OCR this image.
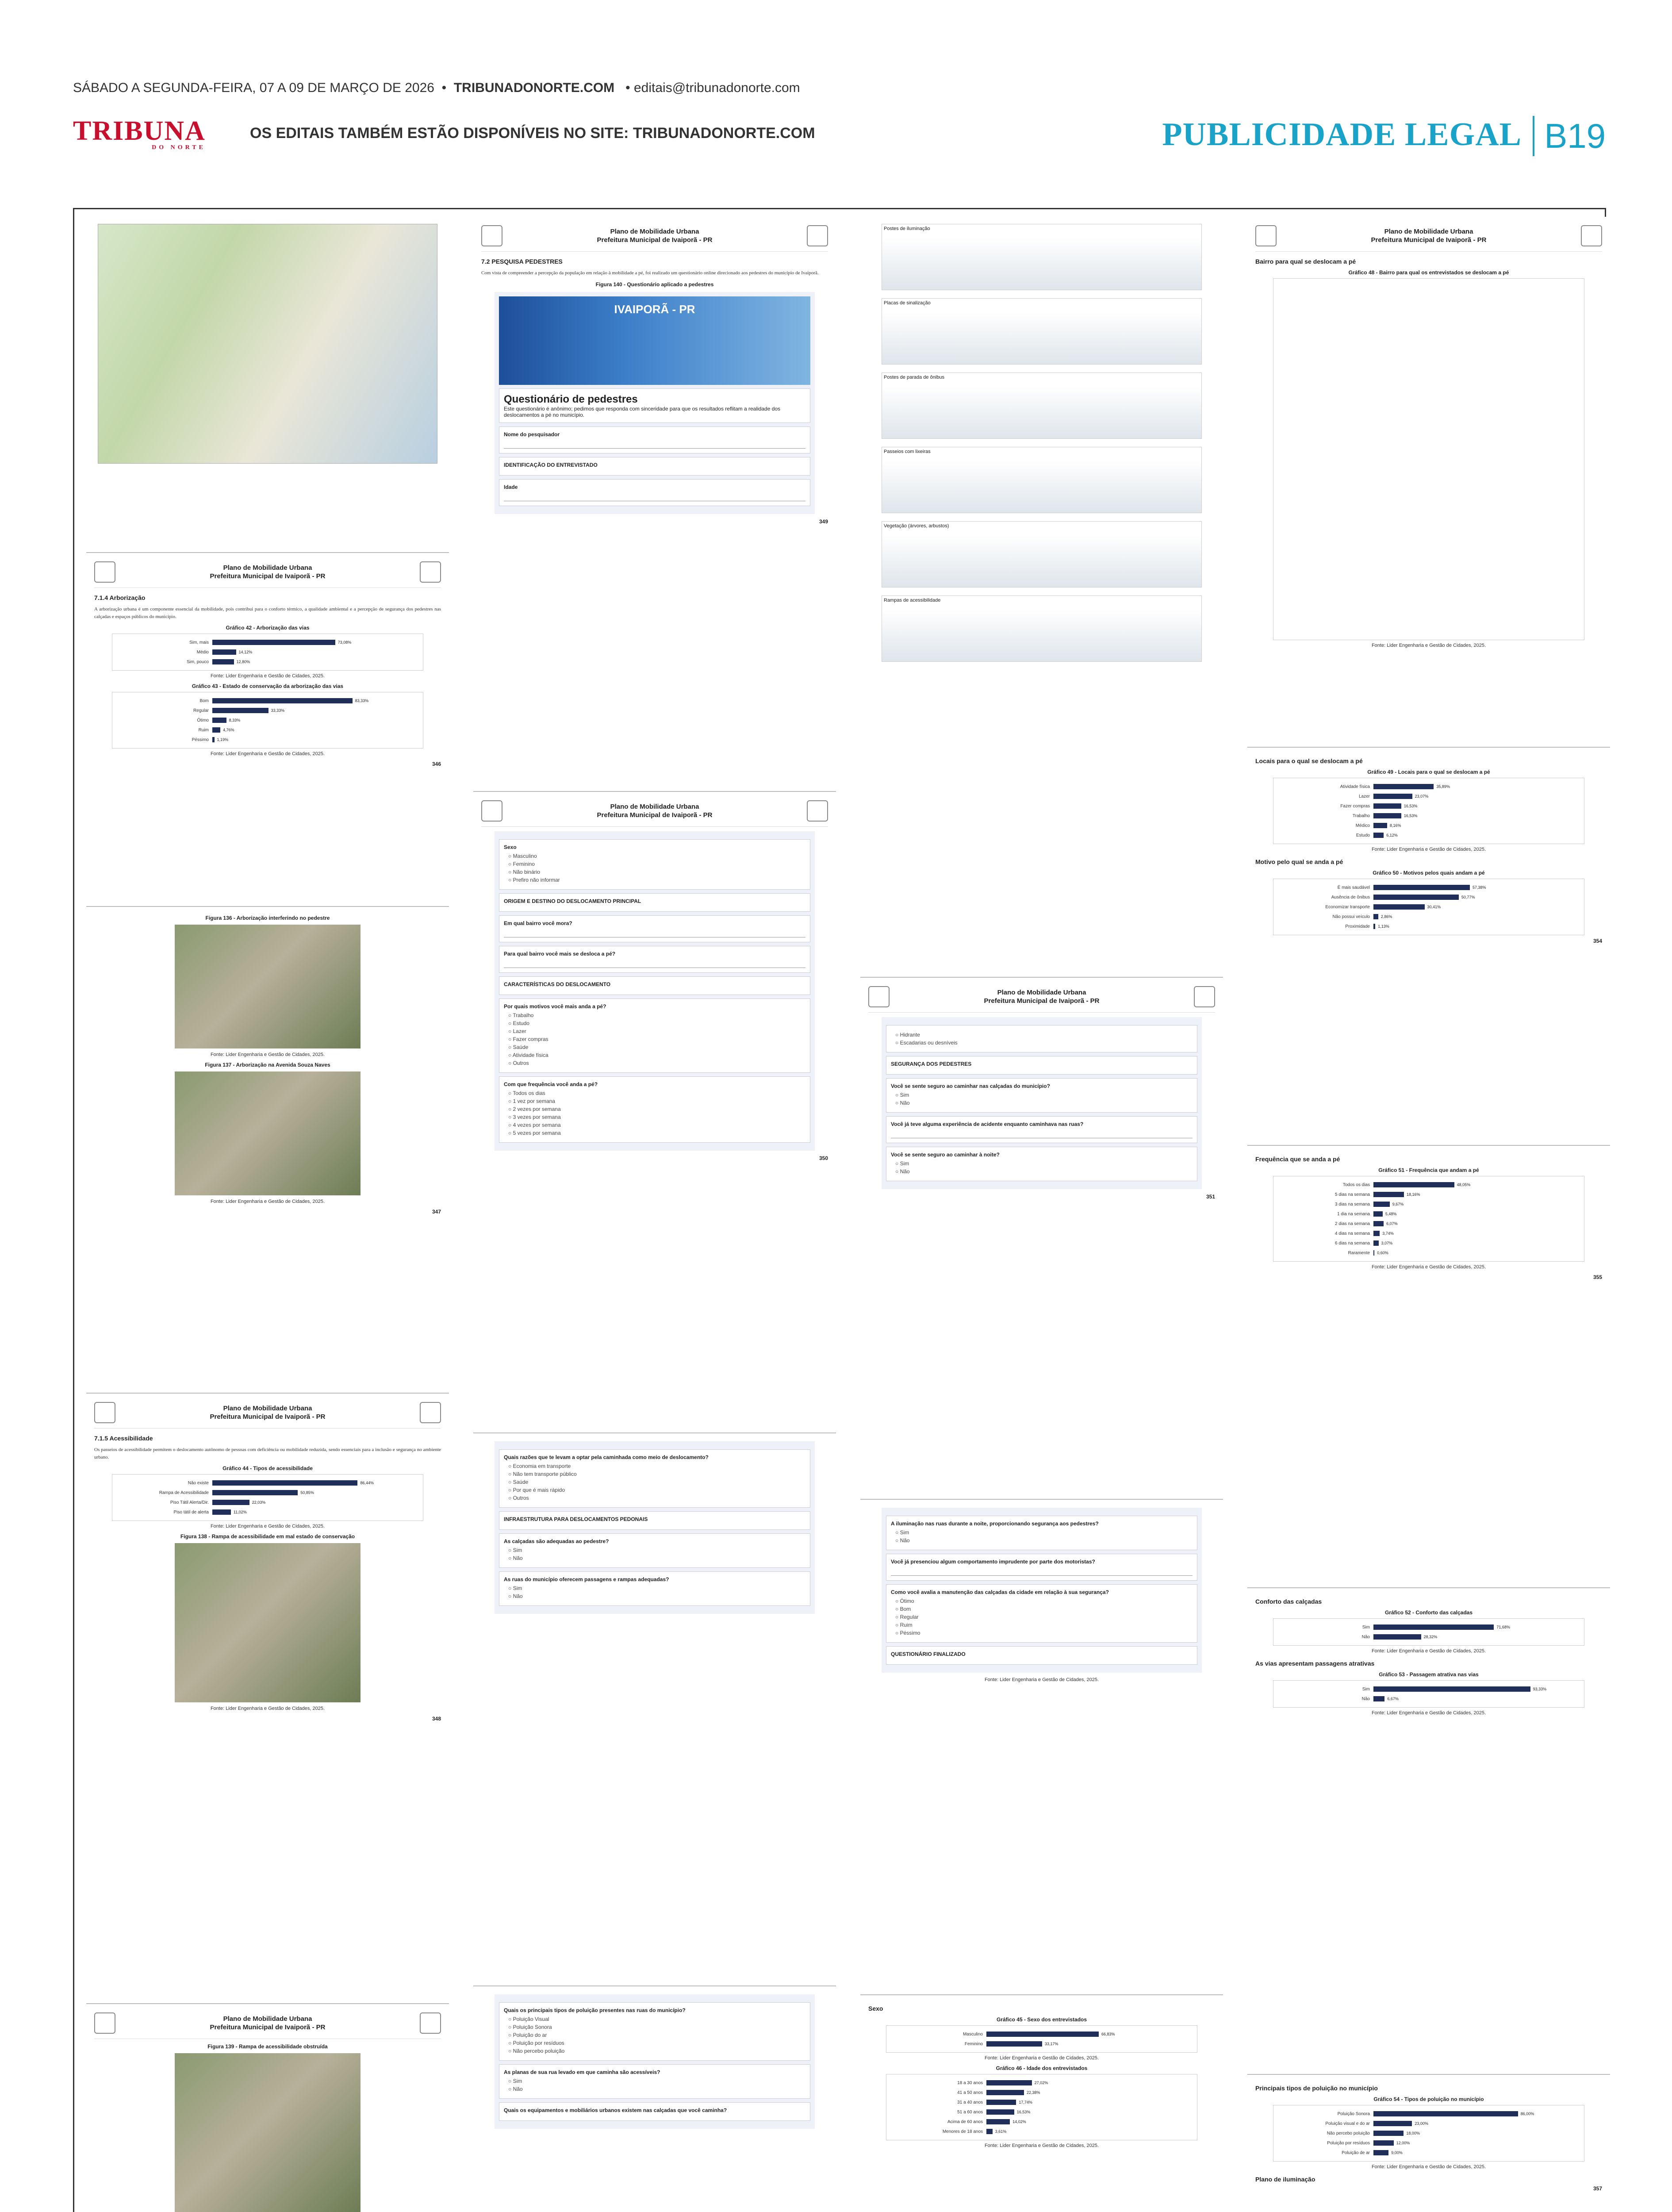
SÁBADO A SEGUNDA-FEIRA, 07 A 09 DE MARÇO DE 2026  •  TRIBUNADONORTE.COM   • editais@tribunadonorte.com
TRIBUNA
DO NORTE
OS EDITAIS TAMBÉM ESTÃO DISPONÍVEIS NO SITE: TRIBUNADONORTE.COM	PUBLICIDADE LEGAL B19
Plano de Mobilidade Urbana
Prefeitura Municipal de Ivaiporã - PR
7.1.4 Arborização
A arborização urbana é um componente essencial da mobilidade, pois contribui para o conforto térmico, a qualidade ambiental e a percepção de segurança dos pedestres nas calçadas e espaços públicos do município.
Gráfico 42 - Arborização das vias
Sim, mais	73,08%
Médio	14,12%
Sim, pouco	12,80%
Fonte: Lider Engenharia e Gestão de Cidades, 2025.
Gráfico 43 - Estado de conservação da arborização das vias
Bom	83,33%
Regular	33,33%
Ótimo	8,33%
Ruim	4,76%
Péssimo	1,19%
Fonte: Lider Engenharia e Gestão de Cidades, 2025.
346
Figura 136 - Arborização interferindo no pedestre
Fonte: Lider Engenharia e Gestão de Cidades, 2025.
Figura 137 - Arborização na Avenida Souza Naves
Fonte: Lider Engenharia e Gestão de Cidades, 2025.
347
Plano de Mobilidade Urbana
Prefeitura Municipal de Ivaiporã - PR
7.1.5 Acessibilidade
Os passeios de acessibilidade permitem o deslocamento autônomo de pessoas com deficiência ou mobilidade reduzida, sendo essenciais para a inclusão e segurança no ambiente urbano.
Gráfico 44 - Tipos de acessibilidade
Não existe	86,44%
Rampa de Acessibilidade	50,85%
Piso Tátil Alerta/Dir.	22,03%
Piso tátil de alerta	11,02%
Fonte: Lider Engenharia e Gestão de Cidades, 2025.
Figura 138 - Rampa de acessibilidade em mal estado de conservação
Fonte: Lider Engenharia e Gestão de Cidades, 2025.
348
Plano de Mobilidade Urbana
Prefeitura Municipal de Ivaiporã - PR
Figura 139 - Rampa de acessibilidade obstruída
Plano de Mobilidade Urbana
Prefeitura Municipal de Ivaiporã - PR
7.2 PESQUISA PEDESTRES
Com vista de compreender a percepção da população em relação à mobilidade a pé, foi realizado um questionário online direcionado aos pedestres do município de Ivaiporã.
Figura 140 - Questionário aplicado a pedestres
IVAIPORÃ - PR
Questionário de pedestres
Este questionário é anônimo; pedimos que responda com sinceridade para que os resultados reflitam a realidade dos deslocamentos a pé no município.
Nome do pesquisador
IDENTIFICAÇÃO DO ENTREVISTADO
Idade
349
Plano de Mobilidade Urbana
Prefeitura Municipal de Ivaiporã - PR
Sexo
○ Masculino
○ Feminino
○ Não binário
○ Prefiro não informar
ORIGEM E DESTINO DO DESLOCAMENTO PRINCIPAL
Em qual bairro você mora?
Para qual bairro você mais se desloca a pé?
CARACTERÍSTICAS DO DESLOCAMENTO
Por quais motivos você mais anda a pé?
○ Trabalho
○ Estudo
○ Lazer
○ Fazer compras
○ Saúde
○ Atividade física
○ Outros
Com que frequência você anda a pé?
○ Todos os dias
○ 1 vez por semana
○ 2 vezes por semana
○ 3 vezes por semana
○ 4 vezes por semana
○ 5 vezes por semana
350
Quais razões que te levam a optar pela caminhada como meio de deslocamento?
○ Economia em transporte
○ Não tem transporte público
○ Saúde
○ Por que é mais rápido
○ Outros
INFRAESTRUTURA PARA DESLOCAMENTOS PEDONAIS
As calçadas são adequadas ao pedestre?
○ Sim
○ Não
As ruas do município oferecem passagens e rampas adequadas?
○ Sim
○ Não
Quais os principais tipos de poluição presentes nas ruas do município?
○ Poluição Visual
○ Poluição Sonora
○ Poluição do ar
○ Poluição por resíduos
○ Não percebo poluição
As planas de sua rua levado em que caminha são acessíveis?
○ Sim
○ Não
Quais os equipamentos e mobiliários urbanos existem nas calçadas que você caminha?
Postes de iluminação
Placas de sinalização
Postes de parada de ônibus
Passeios com lixeiras
Vegetação (árvores, arbustos)
Rampas de acessibilidade
Plano de Mobilidade Urbana
Prefeitura Municipal de Ivaiporã - PR
○ Hidrante
○ Escadarias ou desníveis
SEGURANÇA DOS PEDESTRES
Você se sente seguro ao caminhar nas calçadas do município?
○ Sim
○ Não
Você já teve alguma experiência de acidente enquanto caminhava nas ruas?
Você se sente seguro ao caminhar à noite?
○ Sim
○ Não
351
A iluminação nas ruas durante a noite, proporcionando segurança aos pedestres?
○ Sim
○ Não
Você já presenciou algum comportamento imprudente por parte dos motoristas?
Como você avalia a manutenção das calçadas da cidade em relação à sua segurança?
○ Ótimo
○ Bom
○ Regular
○ Ruim
○ Péssimo
QUESTIONÁRIO FINALIZADO
Fonte: Lider Engenharia e Gestão de Cidades, 2025.
Sexo
Gráfico 45 - Sexo dos entrevistados
Masculino	66,83%
Feminino	33,17%
Fonte: Lider Engenharia e Gestão de Cidades, 2025.
Gráfico 46 - Idade dos entrevistados
18 a 30 anos	27,02%
41 a 50 anos	22,38%
31 a 40 anos	17,74%
51 a 60 anos	16,53%
Acima de 60 anos	14,02%
Menores de 18 anos	3,61%
Fonte: Lider Engenharia e Gestão de Cidades, 2025.
Plano de Mobilidade Urbana
Prefeitura Municipal de Ivaiporã - PR
Bairro para qual se deslocam a pé
Gráfico 48 - Bairro para qual os entrevistados se deslocam a pé
Fonte: Lider Engenharia e Gestão de Cidades, 2025.
Locais para o qual se deslocam a pé
Gráfico 49 - Locais para o qual se deslocam a pé
Atividade física	35,89%
Lazer	23,07%
Fazer compras	16,53%
Trabalho	16,53%
Médico	8,16%
Estudo	6,12%
Fonte: Lider Engenharia e Gestão de Cidades, 2025.
Motivo pelo qual se anda a pé
Gráfico 50 - Motivos pelos quais andam a pé
É mais saudável	57,38%
Ausência de ônibus	50,77%
Economizar transporte	30,41%
Não possui veículo	2,86%
Proximidade	1,13%
354
Frequência que se anda a pé
Gráfico 51 - Frequência que andam a pé
Todos os dias	48,05%
5 dias na semana	18,16%
3 dias na semana	9,67%
1 dia na semana	5,48%
2 dias na semana	6,07%
4 dias na semana	3,74%
6 dias na semana	3,07%
Raramente	0,60%
Fonte: Lider Engenharia e Gestão de Cidades, 2025.
355
Conforto das calçadas
Gráfico 52 - Conforto das calçadas
Sim	71,68%
Não	28,32%
Fonte: Lider Engenharia e Gestão de Cidades, 2025.
As vias apresentam passagens atrativas
Gráfico 53 - Passagem atrativa nas vias
Sim	93,33%
Não	6,67%
Fonte: Lider Engenharia e Gestão de Cidades, 2025.
Principais tipos de poluição no município
Gráfico 54 - Tipos de poluição no município
Poluição Sonora	86,00%
Poluição visual e do ar	23,00%
Não percebo poluição	18,00%
Poluição por resíduos	12,00%
Poluição de ar	9,00%
Fonte: Lider Engenharia e Gestão de Cidades, 2025.
Plano de iluminação
357
